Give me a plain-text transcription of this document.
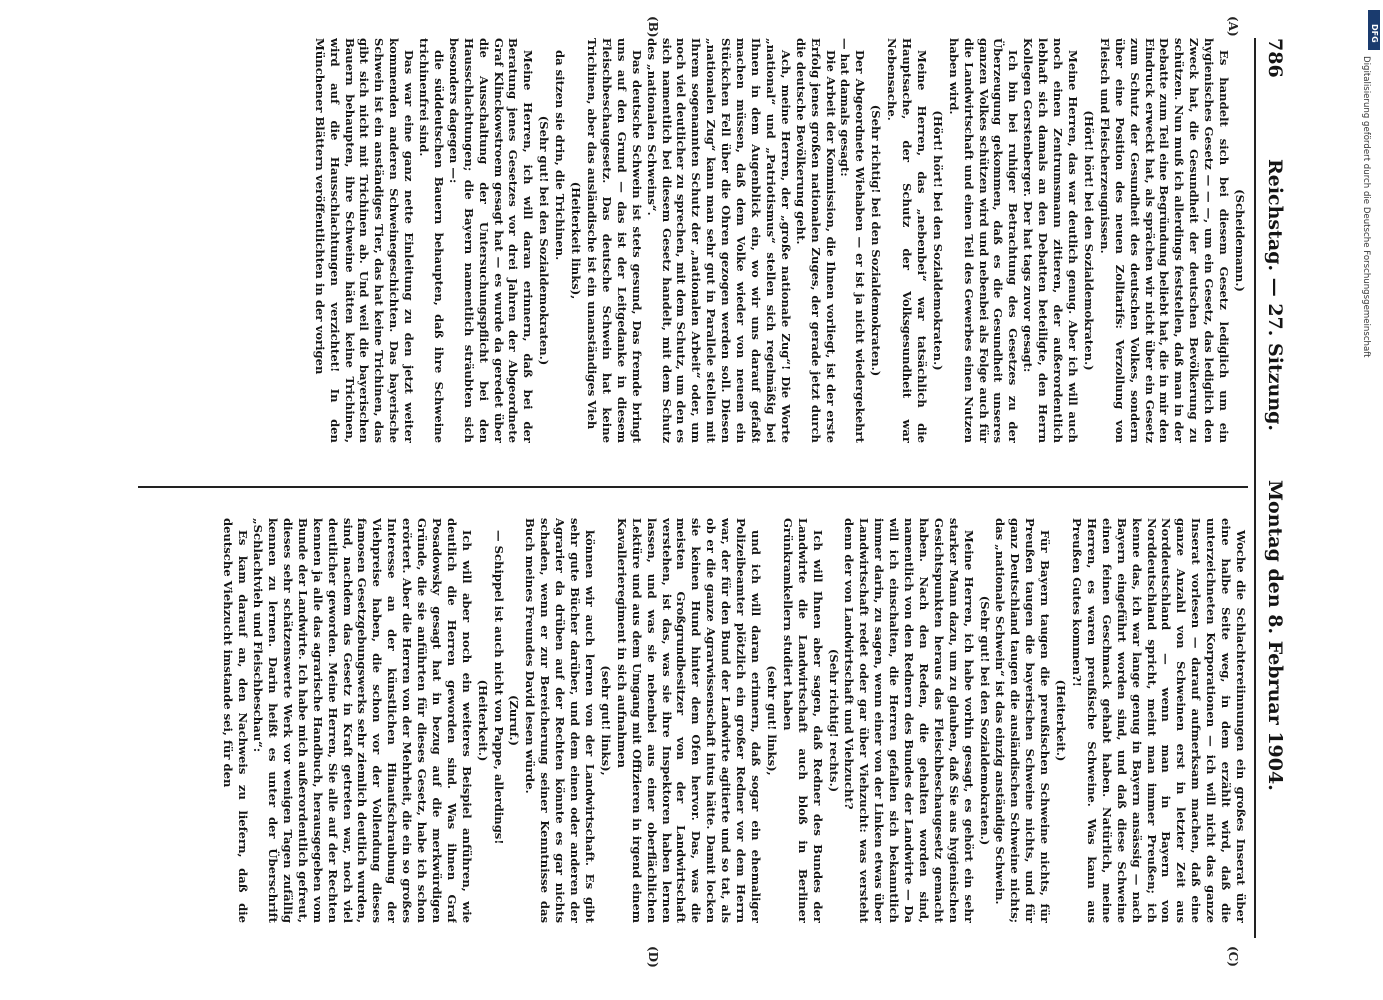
786
Reichstag. — 27. Sitzung.
Montag den 8. Februar 1904.
(A)
(B)
(C)
(D)

(Scheidemann.)

Es handelt sich bei diesem Gesetz lediglich um ein hygienisches Gesetz — — —, um ein Gesetz, das lediglich den Zweck hat, die Gesundheit der deutschen Bevölkerung zu schützen. Nun muß ich allerdings feststellen, daß man in der Debatte zum Teil eine Begründung beliebt hat, die in mir den Eindruck erweckt hat, als sprächen wir nicht über ein Gesetz zum Schutz der Gesundheit des deutschen Volkes, sondern über eine Position des neuen Zolltarifs: Verzollung von Fleisch und Fleischerzeugnissen.

(Hört! hört! bei den Sozialdemokraten.)

Meine Herren, das war deutlich genug. Aber ich will auch noch einen Zentrumsmann zitieren, der außerordentlich lebhaft sich damals an den Debatten beteiligte, den Herrn Kollegen Gerstenberger. Der hat tags zuvor gesagt:

Ich bin bei ruhiger Betrachtung des Gesetzes zu der Überzeugung gekommen, daß es die Gesundheit unseres ganzen Volkes schützen wird und nebenbei als Folge auch für die Landwirtschaft und einen Teil des Gewerbes einen Nutzen haben wird.

(Hört! hört! bei den Sozialdemokraten.)

Meine Herren, das „nebenbei“ war tatsächlich die Hauptsache, der Schutz der Volksgesundheit war Nebensache.

(Sehr richtig! bei den Sozialdemokraten.)

Der Abgeordnete Wiehaben — er ist ja nicht wiedergekehrt — hat damals gesagt:

Die Arbeit der Kommission, die Ihnen vorliegt, ist der erste Erfolg jenes großen nationalen Zuges, der gerade jetzt durch die deutsche Bevölkerung geht.

Ach, meine Herren, der „große nationale Zug“! Die Worte „national“ und „Patriotismus“ stellen sich regelmäßig bei Ihnen in dem Augenblick ein, wo wir uns darauf gefaßt machen müssen, daß dem Volke wieder von neuem ein Stückchen Fell über die Ohren gezogen werden soll. Diesen „nationalen Zug“ kann man sehr gut in Parallele stellen mit Ihrem sogenannten Schutz der „nationalen Arbeit“ oder, um noch viel deutlicher zu sprechen, mit dem Schutz, um den es sich namentlich bei diesem Gesetz handelt, mit dem Schutz des „nationalen Schweins“.

Das deutsche Schwein ist stets gesund, Das fremde bringt uns auf den Grund — das ist der Leitgedanke in diesem Fleischbeschaugesetz. Das deutsche Schwein hat keine Trichinen, aber das ausländische ist ein unanständiges Vieh

(Heiterkeit links),

da sitzen sie drin, die Trichinen.

(Sehr gut! bei den Sozialdemokraten.)

Meine Herren, ich will daran erinnern, daß bei der Beratung jenes Gesetzes vor drei Jahren der Abgeordnete Graf Klinckowstroem gesagt hat — es wurde da geredet über die Ausschaltung der Untersuchungspflicht bei den Hausschlachtungen; die Bayern namentlich sträubten sich besonders dagegen —:

die süddeutschen Bauern behaupten, daß ihre Schweine trichinenfrei sind.

Das war eine ganz nette Einleitung zu den jetzt weiter kommenden anderen Schweinegeschichten. Das bayerische Schwein ist ein anständiges Tier, das hat keine Trichinen, das gibt sich nicht mit Trichinen ab. Und weil die bayerischen Bauern behaupten, ihre Schweine hätten keine Trichinen, wird auf die Hausschlachtungen verzichtet! In den Münchener Blättern veröffentlichten in der vorigen

Woche die Schlachtereiinnungen ein großes Inserat über eine halbe Seite weg, in dem erzählt wird, daß die unterzeichneten Korporationen — ich will nicht das ganze Inserat vorlesen — darauf aufmerksam machen, daß eine ganze Anzahl von Schweinen erst in letzter Zeit aus Norddeutschland — wenn man in Bayern von Norddeutschland spricht, meint man immer Preußen; ich kenne das, ich war lange genug in Bayern ansässig — nach Bayern eingeführt worden sind, und daß diese Schweine einen feinen Geschmack gehabt haben. Natürlich, meine Herren, es waren preußische Schweine. Was kann aus Preußen Gutes kommen?!

(Heiterkeit.)

Für Bayern taugen die preußischen Schweine nichts, für Preußen taugen die bayerischen Schweine nichts, und für ganz Deutschland taugen die ausländischen Schweine nichts; das „nationale Schwein“ ist das einzig anständige Schwein.

(Sehr gut! bei den Sozialdemokraten.)

Meine Herren, ich habe vorhin gesagt, es gehört ein sehr starker Mann dazu, um zu glauben, daß Sie aus hygienischen Gesichtspunkten heraus das Fleischbeschaugesetz gemacht haben. Nach den Reden, die gehalten worden sind, namentlich von den Rednern des Bundes der Landwirte — Da will ich einschalten, die Herren gefallen sich bekanntlich immer darin, zu sagen, wenn einer von der Linken etwas über Landwirtschaft redet oder gar über Viehzucht: was versteht denn der von Landwirtschaft und Viehzucht?

(Sehr richtig! rechts.)

Ich will Ihnen aber sagen, daß Redner des Bundes der Landwirte die Landwirtschaft auch bloß in Berliner Grünkramkellern studiert haben

(sehr gut! links),

und ich will daran erinnern, daß sogar ein ehemaliger Polizeibeamter plötzlich ein großer Redner vor dem Herrn war, der für den Bund der Landwirte agitierte und so tat, als ob er die ganze Agrarwissenschaft intus hätte. Damit locken sie keinen Hund hinter dem Ofen hervor. Das, was die meisten Großgrundbesitzer von der Landwirtschaft verstehen, ist das, was sie ihre Inspektoren haben lernen lassen, und was sie nebenbei aus einer oberflächlichen Lektüre und aus dem Umgang mit Offizieren in irgend einem Kavallerieregiment in sich aufnahmen

(sehr gut! links),

können wir auch lernen von der Landwirtschaft. Es gibt sehr gute Bücher darüber, und dem einen oder anderen der Agrarier da drüben auf der Rechten könnte es gar nichts schaden, wenn er zur Bereicherung seiner Kenntnisse das Buch meines Freundes David lesen würde.

(Zuruf.)

— Schippel ist auch nicht von Pappe, allerdings!

(Heiterkeit.)

Ich will aber noch ein weiteres Beispiel anführen, wie deutlich die Herren geworden sind. Was ihnen Graf Posadowsky gesagt hat in bezug auf die merkwürdigen Gründe, die sie anführten für dieses Gesetz, habe ich schon erörtert. Aber die Herren von der Mehrheit, die ein so großes Interesse an der künstlichen Hinaufschraubung der Viehpreise haben, die schon vor der Vollendung dieses famosen Gesetzgebungswerks sehr ziemlich deutlich wurden, sind, nachdem das Gesetz in Kraft getreten war, noch viel deutlicher geworden. Meine Herren, Sie alle auf der Rechten kennen ja alle das agrarische Handbuch, herausgegeben vom Bunde der Landwirte. Ich habe mich außerordentlich gefreut, dieses sehr schätzenswerte Werk vor wenigen Tagen zufällig kennen zu lernen. Darin heißt es unter der Überschrift „Schlachtvieh und Fleischbeschau“:

Es kam darauf an, den Nachweis zu liefern, daß die deutsche Viehzucht imstande sei, für den

DFG
Digitalisierung gefördert durch die Deutsche Forschungsgemeinschaft
